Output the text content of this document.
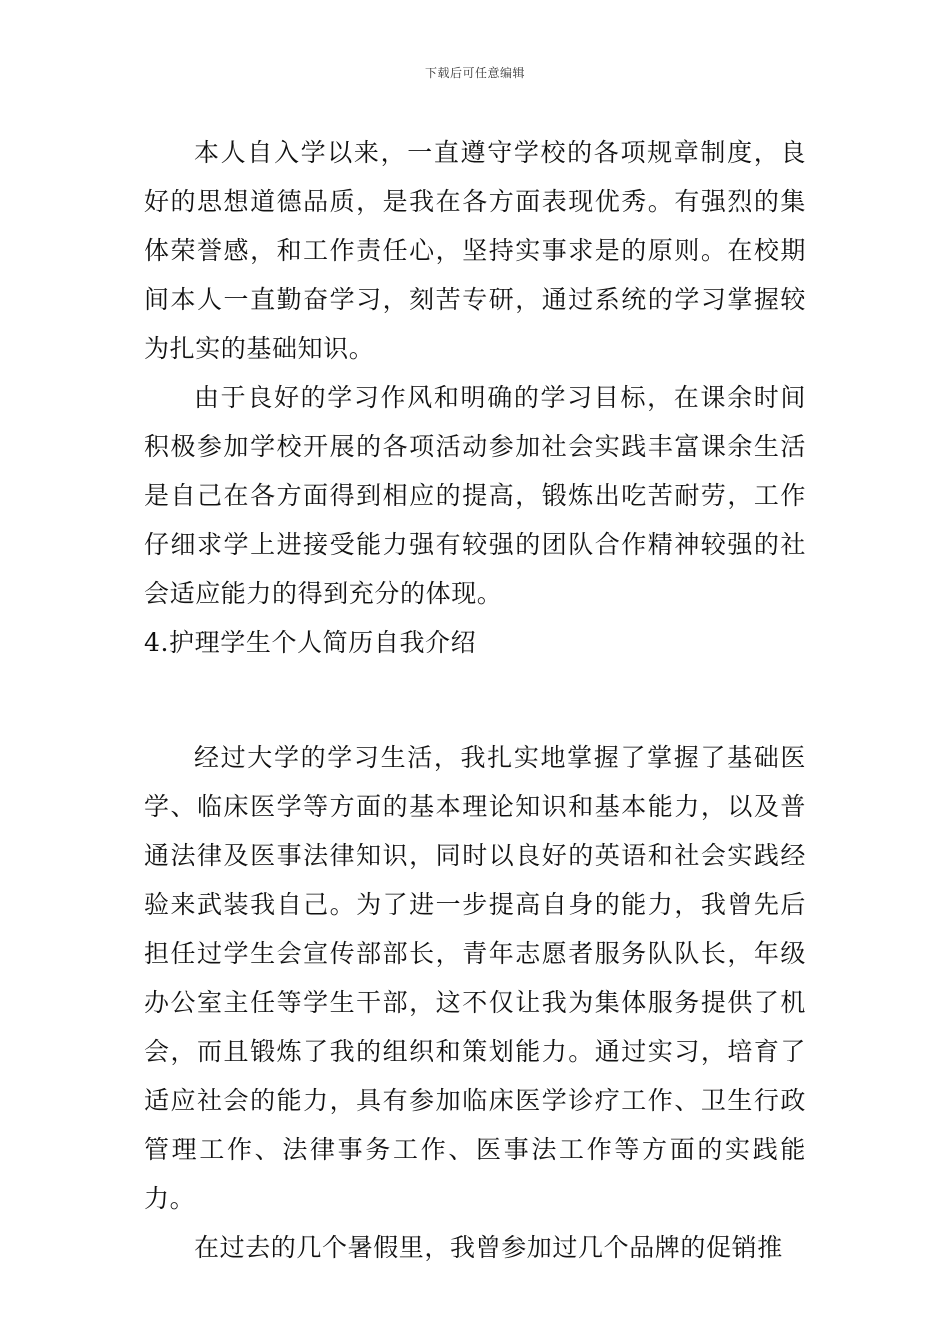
下载后可任意编辑

本人自入学以来，一直遵守学校的各项规章制度，良好的思想道德品质，是我在各方面表现优秀。有强烈的集体荣誉感，和工作责任心，坚持实事求是的原则。在校期间本人一直勤奋学习，刻苦专研，通过系统的学习掌握较为扎实的基础知识。

由于良好的学习作风和明确的学习目标，在课余时间积极参加学校开展的各项活动参加社会实践丰富课余生活是自己在各方面得到相应的提高，锻炼出吃苦耐劳，工作仔细求学上进接受能力强有较强的团队合作精神较强的社会适应能力的得到充分的体现。

4.护理学生个人简历自我介绍

经过大学的学习生活，我扎实地掌握了掌握了基础医学、临床医学等方面的基本理论知识和基本能力，以及普通法律及医事法律知识，同时以良好的英语和社会实践经验来武装我自己。为了进一步提高自身的能力，我曾先后担任过学生会宣传部部长，青年志愿者服务队队长，年级办公室主任等学生干部，这不仅让我为集体服务提供了机会，而且锻炼了我的组织和策划能力。通过实习，培育了适应社会的能力，具有参加临床医学诊疗工作、卫生行政管理工作、法律事务工作、医事法工作等方面的实践能力。

在过去的几个暑假里，我曾参加过几个品牌的促销推
